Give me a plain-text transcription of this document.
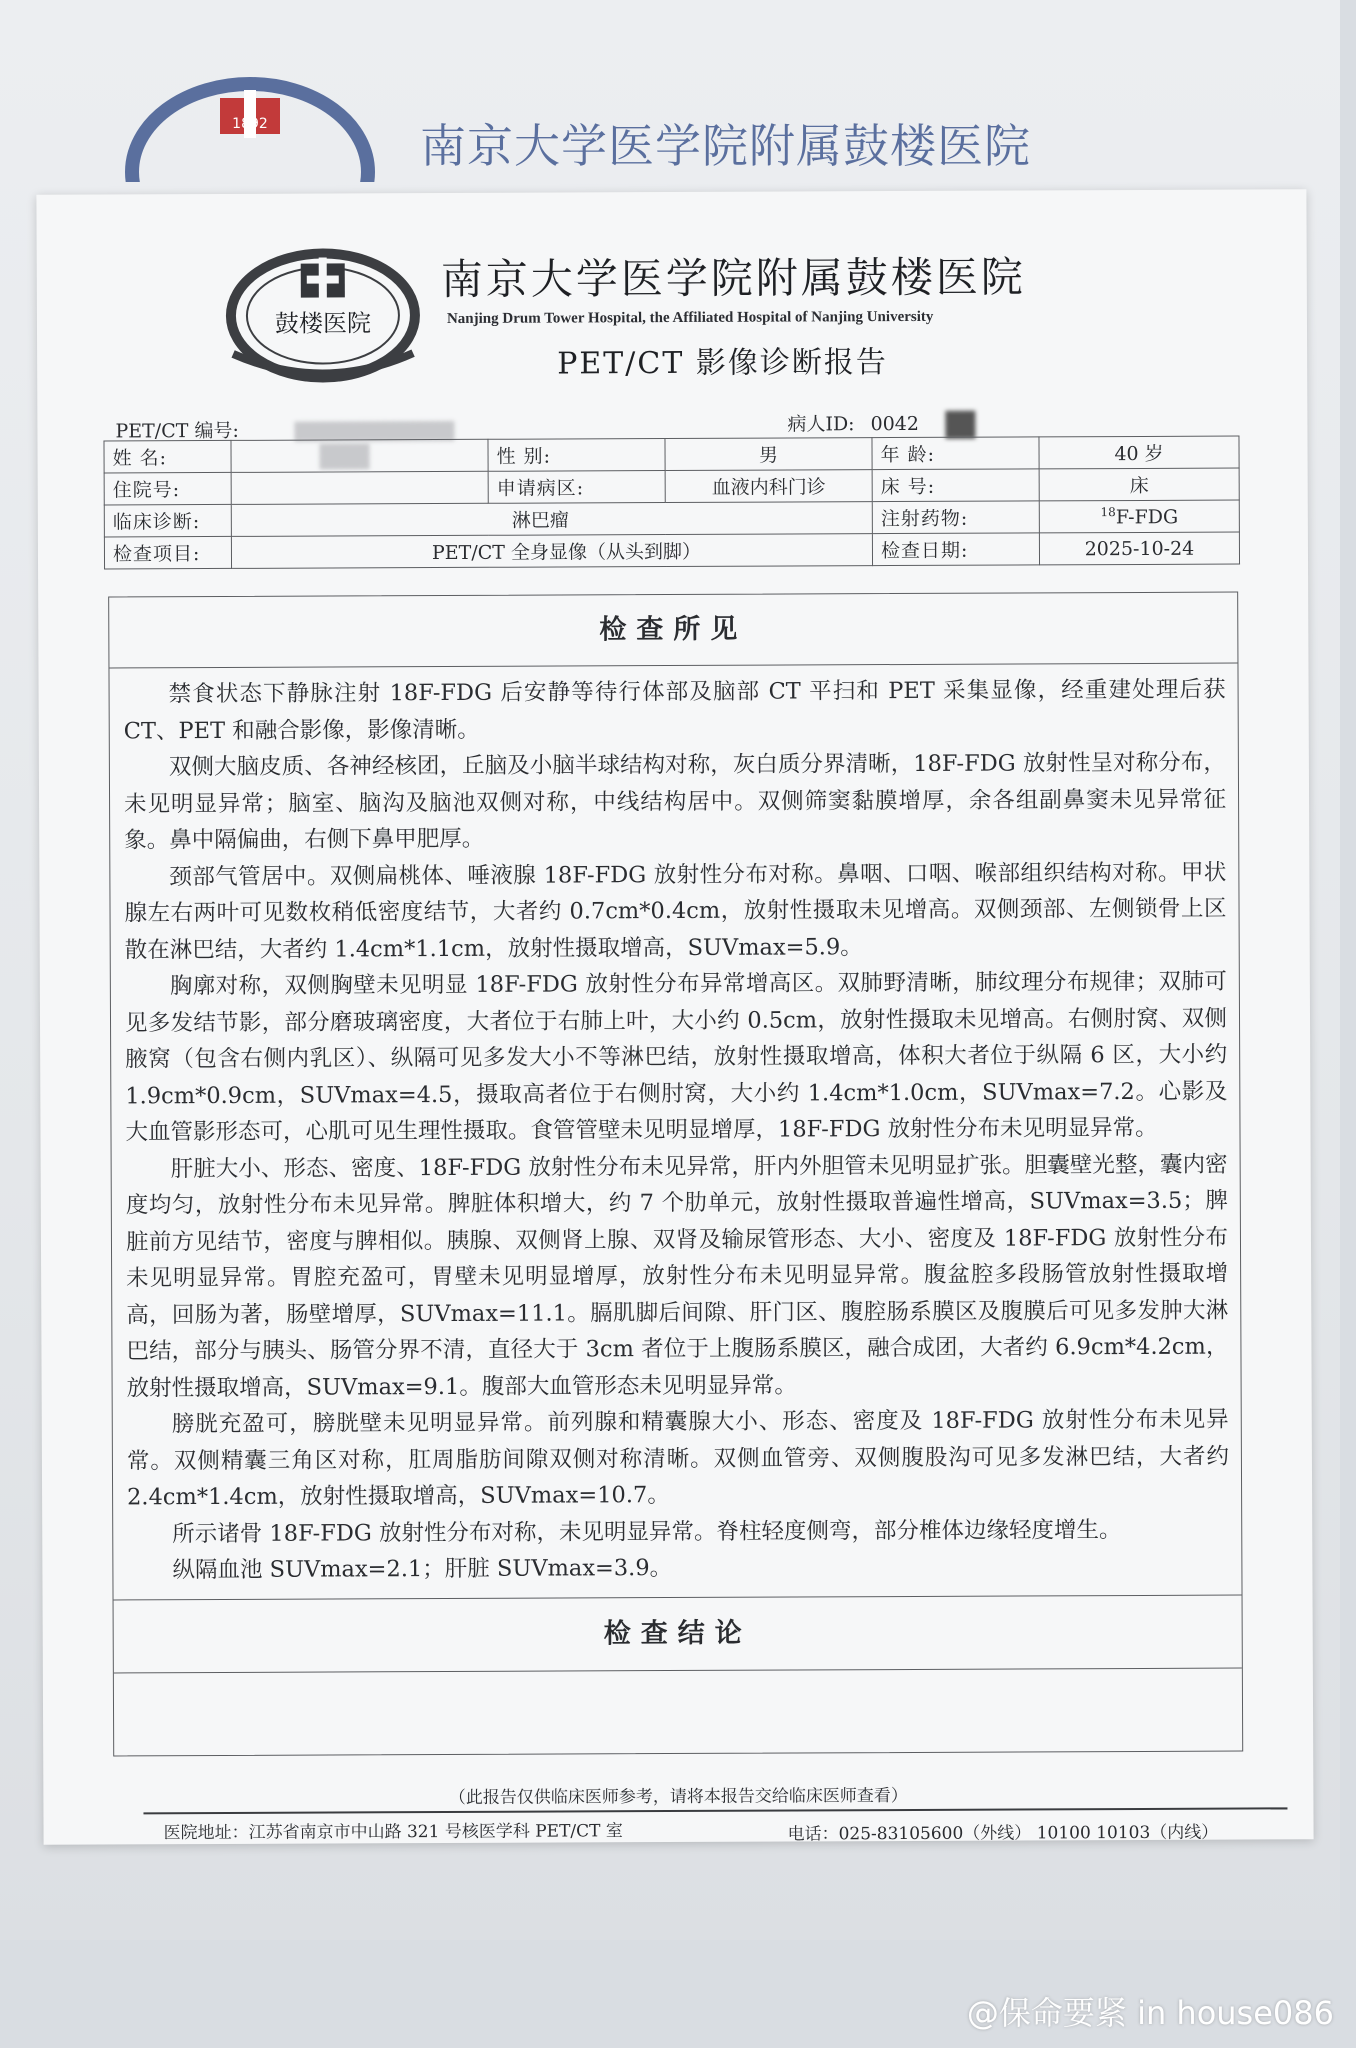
1892	南京大学医学院附属鼓楼医院
鼓楼医院
南京大学医学院附属鼓楼医院
Nanjing Drum Tower Hospital, the Affiliated Hospital of Nanjing University
PET/CT 影像诊断报告
PET/CT 编号:	病人ID: 0042
姓 名:		性 别:	男	年 龄:	40 岁
住院号:		申请病区:	血液内科门诊	床 号:	床
临床诊断:	淋巴瘤			注射药物:	$^{18}$F-FDG
检查项目:	PET/CT 全身显像（从头到脚）			检查日期:	2025-10-24
检查所见

禁食状态下静脉注射 18F-FDG 后安静等待行体部及脑部 CT 平扫和 PET 采集显像，经重建处理后获 CT、PET 和融合影像，影像清晰。

双侧大脑皮质、各神经核团，丘脑及小脑半球结构对称，灰白质分界清晰，18F-FDG 放射性呈对称分布，未见明显异常；脑室、脑沟及脑池双侧对称，中线结构居中。双侧筛窦黏膜增厚，余各组副鼻窦未见异常征象。鼻中隔偏曲，右侧下鼻甲肥厚。

颈部气管居中。双侧扁桃体、唾液腺 18F-FDG 放射性分布对称。鼻咽、口咽、喉部组织结构对称。甲状腺左右两叶可见数枚稍低密度结节，大者约 0.7cm*0.4cm，放射性摄取未见增高。双侧颈部、左侧锁骨上区散在淋巴结，大者约 1.4cm*1.1cm，放射性摄取增高，SUVmax=5.9。

胸廓对称，双侧胸壁未见明显 18F-FDG 放射性分布异常增高区。双肺野清晰，肺纹理分布规律；双肺可见多发结节影，部分磨玻璃密度，大者位于右肺上叶，大小约 0.5cm，放射性摄取未见增高。右侧肘窝、双侧腋窝（包含右侧内乳区）、纵隔可见多发大小不等淋巴结，放射性摄取增高，体积大者位于纵隔 6 区，大小约 1.9cm*0.9cm，SUVmax=4.5，摄取高者位于右侧肘窝，大小约 1.4cm*1.0cm，SUVmax=7.2。心影及大血管影形态可，心肌可见生理性摄取。食管管壁未见明显增厚，18F-FDG 放射性分布未见明显异常。

肝脏大小、形态、密度、18F-FDG 放射性分布未见异常，肝内外胆管未见明显扩张。胆囊壁光整，囊内密度均匀，放射性分布未见异常。脾脏体积增大，约 7 个肋单元，放射性摄取普遍性增高，SUVmax=3.5；脾脏前方见结节，密度与脾相似。胰腺、双侧肾上腺、双肾及输尿管形态、大小、密度及 18F-FDG 放射性分布未见明显异常。胃腔充盈可，胃壁未见明显增厚，放射性分布未见明显异常。腹盆腔多段肠管放射性摄取增高，回肠为著，肠壁增厚，SUVmax=11.1。膈肌脚后间隙、肝门区、腹腔肠系膜区及腹膜后可见多发肿大淋巴结，部分与胰头、肠管分界不清，直径大于 3cm 者位于上腹肠系膜区，融合成团，大者约 6.9cm*4.2cm，放射性摄取增高，SUVmax=9.1。腹部大血管形态未见明显异常。

膀胱充盈可，膀胱壁未见明显异常。前列腺和精囊腺大小、形态、密度及 18F-FDG 放射性分布未见异常。双侧精囊三角区对称，肛周脂肪间隙双侧对称清晰。双侧血管旁、双侧腹股沟可见多发淋巴结，大者约 2.4cm*1.4cm，放射性摄取增高，SUVmax=10.7。

所示诸骨 18F-FDG 放射性分布对称，未见明显异常。脊柱轻度侧弯，部分椎体边缘轻度增生。

纵隔血池 SUVmax=2.1；肝脏 SUVmax=3.9。

检查结论
（此报告仅供临床医师参考，请将本报告交给临床医师查看）
医院地址：江苏省南京市中山路 321 号核医学科 PET/CT 室	电话：025-83105600（外线） 10100 10103（内线）
@保命要紧 in house086
